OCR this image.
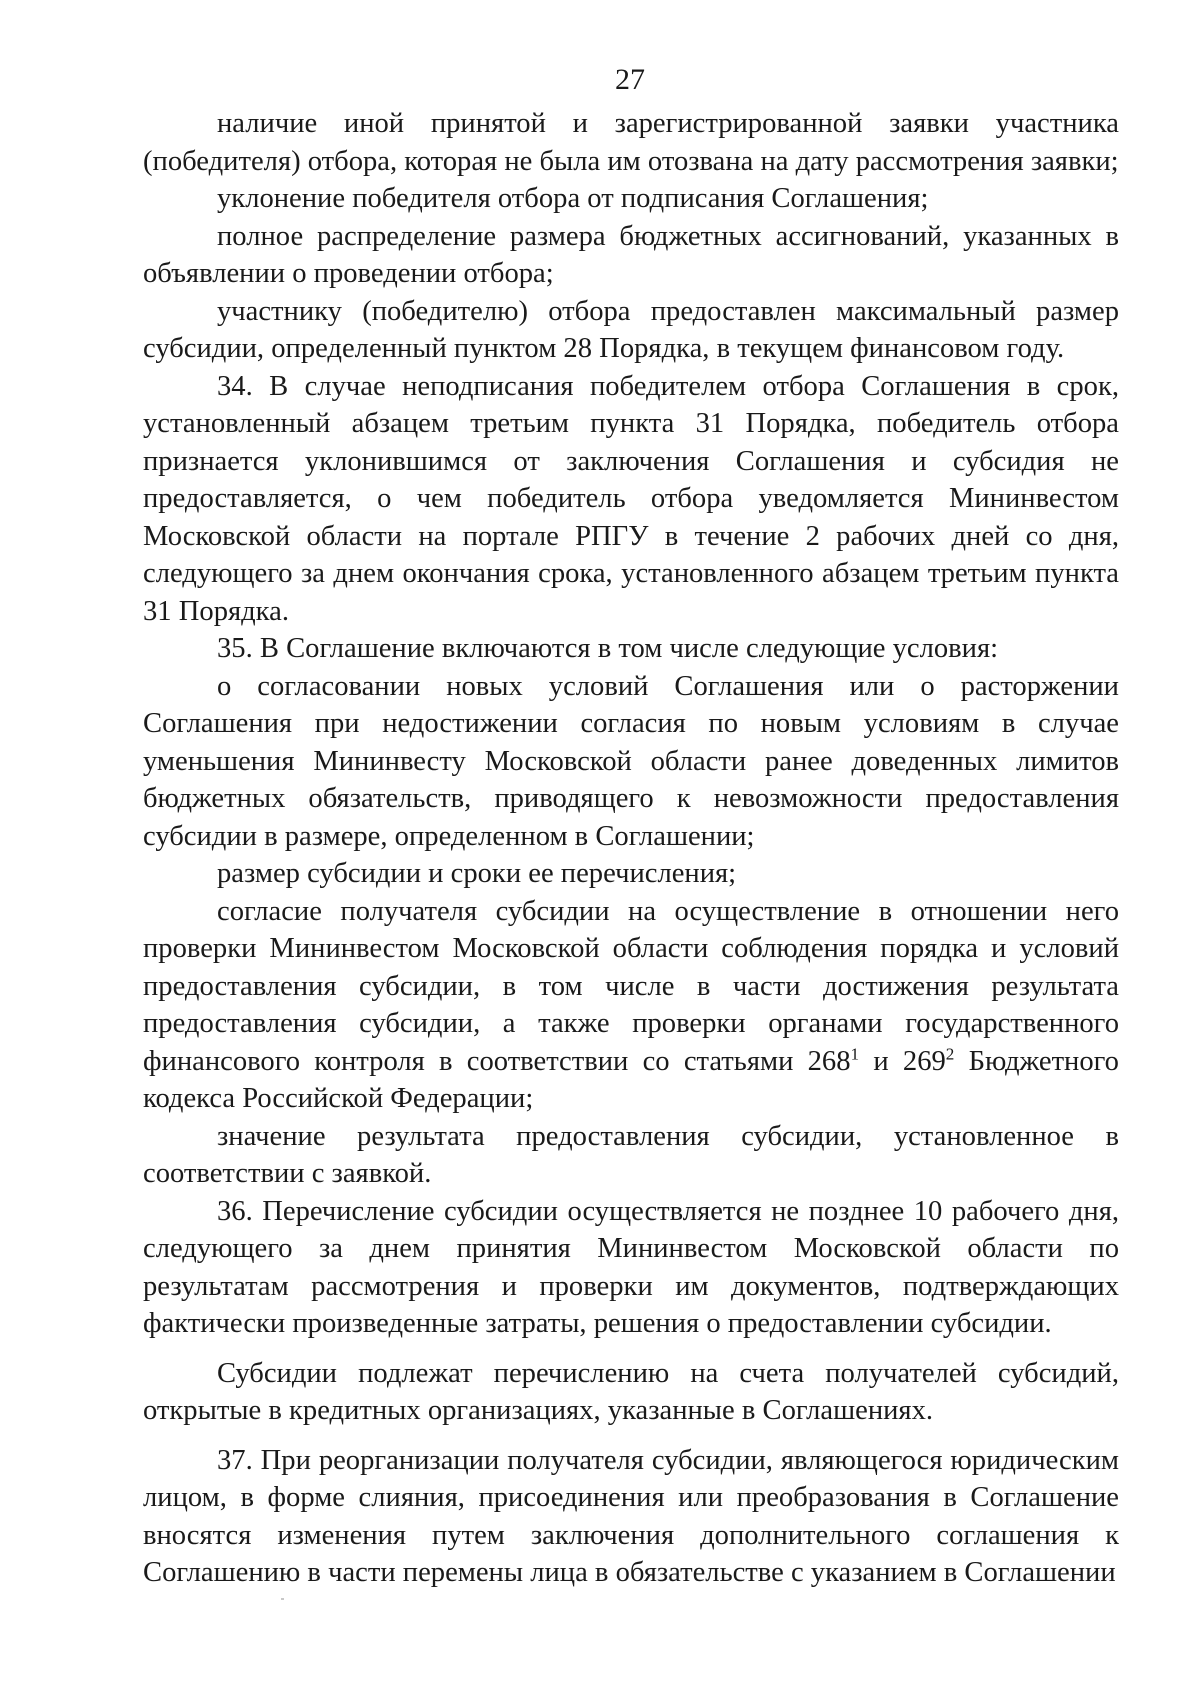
27

наличие иной принятой и зарегистрированной заявки участника (победителя) отбора, которая не была им отозвана на дату рассмотрения заявки;

уклонение победителя отбора от подписания Соглашения;

полное распределение размера бюджетных ассигнований, указанных в объявлении о проведении отбора;

участнику (победителю) отбора предоставлен максимальный размер субсидии, определенный пунктом 28 Порядка, в текущем финансовом году.

34. В случае неподписания победителем отбора Соглашения в срок, установленный абзацем третьим пункта 31 Порядка, победитель отбора признается уклонившимся от заключения Соглашения и субсидия не предоставляется, о чем победитель отбора уведомляется Мининвестом Московской области на портале РПГУ в течение 2 рабочих дней со дня, следующего за днем окончания срока, установленного абзацем третьим пункта 31 Порядка.

35. В Соглашение включаются в том числе следующие условия:

о согласовании новых условий Соглашения или о расторжении Соглашения при недостижении согласия по новым условиям в случае уменьшения Мининвесту Московской области ранее доведенных лимитов бюджетных обязательств, приводящего к невозможности предоставления субсидии в размере, определенном в Соглашении;

размер субсидии и сроки ее перечисления;

согласие получателя субсидии на осуществление в отношении него проверки Мининвестом Московской области соблюдения порядка и условий предоставления субсидии, в том числе в части достижения результата предоставления субсидии, а также проверки органами государственного финансового контроля в соответствии со статьями $268^1$ и $269^2$ Бюджетного кодекса Российской Федерации;

значение результата предоставления субсидии, установленное в соответствии с заявкой.

36. Перечисление субсидии осуществляется не позднее 10 рабочего дня, следующего за днем принятия Мининвестом Московской области по результатам рассмотрения и проверки им документов, подтверждающих фактически произведенные затраты, решения о предоставлении субсидии.

Субсидии подлежат перечислению на счета получателей субсидий, открытые в кредитных организациях, указанные в Соглашениях.

37. При реорганизации получателя субсидии, являющегося юридическим лицом, в форме слияния, присоединения или преобразования в Соглашение вносятся изменения путем заключения дополнительного соглашения к Соглашению в части перемены лица в обязательстве с указанием в Соглашении
